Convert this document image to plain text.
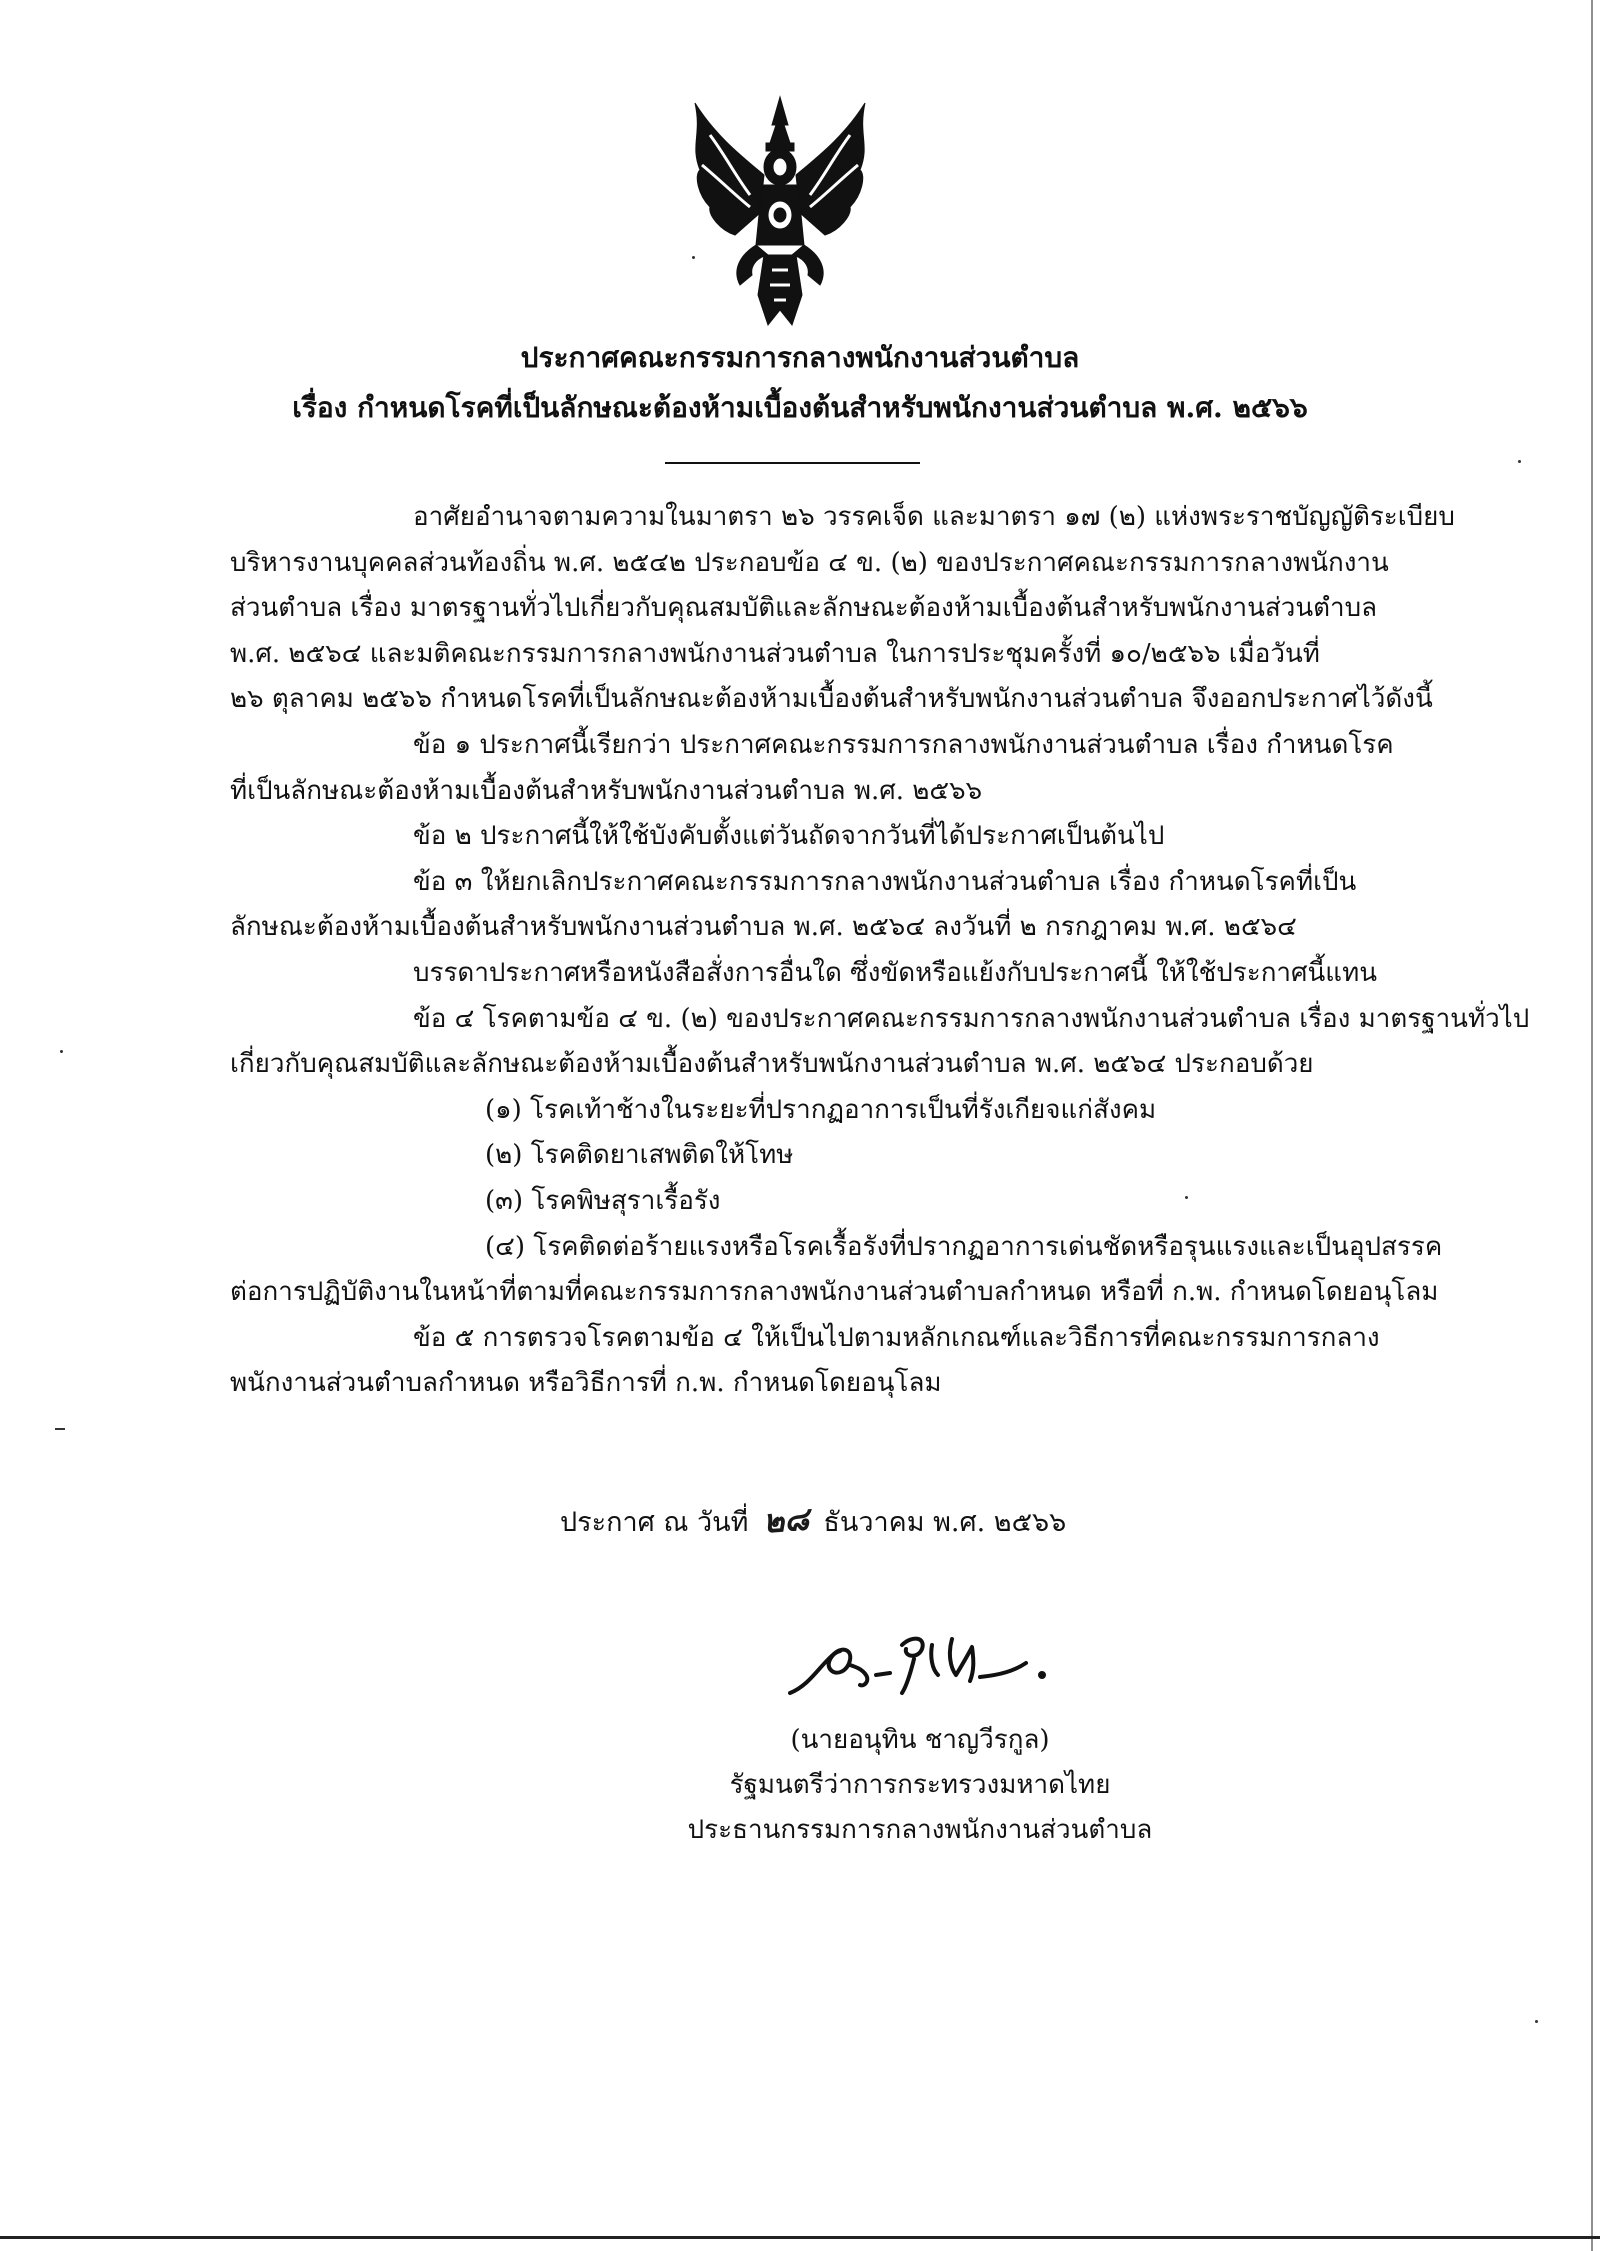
ประกาศคณะกรรมการกลางพนักงานส่วนตำบล
เรื่อง กำหนดโรคที่เป็นลักษณะต้องห้ามเบื้องต้นสำหรับพนักงานส่วนตำบล พ.ศ. ๒๕๖๖
อาศัยอำนาจตามความในมาตรา ๒๖ วรรคเจ็ด และมาตรา ๑๗ (๒) แห่งพระราชบัญญัติระเบียบ
บริหารงานบุคคลส่วนท้องถิ่น พ.ศ. ๒๕๔๒ ประกอบข้อ ๔ ข. (๒) ของประกาศคณะกรรมการกลางพนักงาน
ส่วนตำบล เรื่อง มาตรฐานทั่วไปเกี่ยวกับคุณสมบัติและลักษณะต้องห้ามเบื้องต้นสำหรับพนักงานส่วนตำบล
พ.ศ. ๒๕๖๔ และมติคณะกรรมการกลางพนักงานส่วนตำบล ในการประชุมครั้งที่ ๑๐/๒๕๖๖ เมื่อวันที่
๒๖ ตุลาคม ๒๕๖๖ กำหนดโรคที่เป็นลักษณะต้องห้ามเบื้องต้นสำหรับพนักงานส่วนตำบล จึงออกประกาศไว้ดังนี้
ข้อ ๑ ประกาศนี้เรียกว่า ประกาศคณะกรรมการกลางพนักงานส่วนตำบล เรื่อง กำหนดโรค
ที่เป็นลักษณะต้องห้ามเบื้องต้นสำหรับพนักงานส่วนตำบล พ.ศ. ๒๕๖๖
ข้อ ๒ ประกาศนี้ให้ใช้บังคับตั้งแต่วันถัดจากวันที่ได้ประกาศเป็นต้นไป
ข้อ ๓ ให้ยกเลิกประกาศคณะกรรมการกลางพนักงานส่วนตำบล เรื่อง กำหนดโรคที่เป็น
ลักษณะต้องห้ามเบื้องต้นสำหรับพนักงานส่วนตำบล พ.ศ. ๒๕๖๔ ลงวันที่ ๒ กรกฎาคม พ.ศ. ๒๕๖๔
บรรดาประกาศหรือหนังสือสั่งการอื่นใด ซึ่งขัดหรือแย้งกับประกาศนี้ ให้ใช้ประกาศนี้แทน
ข้อ ๔ โรคตามข้อ ๔ ข. (๒) ของประกาศคณะกรรมการกลางพนักงานส่วนตำบล เรื่อง มาตรฐานทั่วไป
เกี่ยวกับคุณสมบัติและลักษณะต้องห้ามเบื้องต้นสำหรับพนักงานส่วนตำบล พ.ศ. ๒๕๖๔ ประกอบด้วย
(๑) โรคเท้าช้างในระยะที่ปรากฏอาการเป็นที่รังเกียจแก่สังคม
(๒) โรคติดยาเสพติดให้โทษ
(๓) โรคพิษสุราเรื้อรัง
(๔) โรคติดต่อร้ายแรงหรือโรคเรื้อรังที่ปรากฏอาการเด่นชัดหรือรุนแรงและเป็นอุปสรรค
ต่อการปฏิบัติงานในหน้าที่ตามที่คณะกรรมการกลางพนักงานส่วนตำบลกำหนด หรือที่ ก.พ. กำหนดโดยอนุโลม
ข้อ ๕ การตรวจโรคตามข้อ ๔ ให้เป็นไปตามหลักเกณฑ์และวิธีการที่คณะกรรมการกลาง
พนักงานส่วนตำบลกำหนด หรือวิธีการที่ ก.พ. กำหนดโดยอนุโลม
ประกาศ ณ วันที่ ๒๘ ธันวาคม พ.ศ. ๒๕๖๖
(นายอนุทิน ชาญวีรกูล)
รัฐมนตรีว่าการกระทรวงมหาดไทย
ประธานกรรมการกลางพนักงานส่วนตำบล
